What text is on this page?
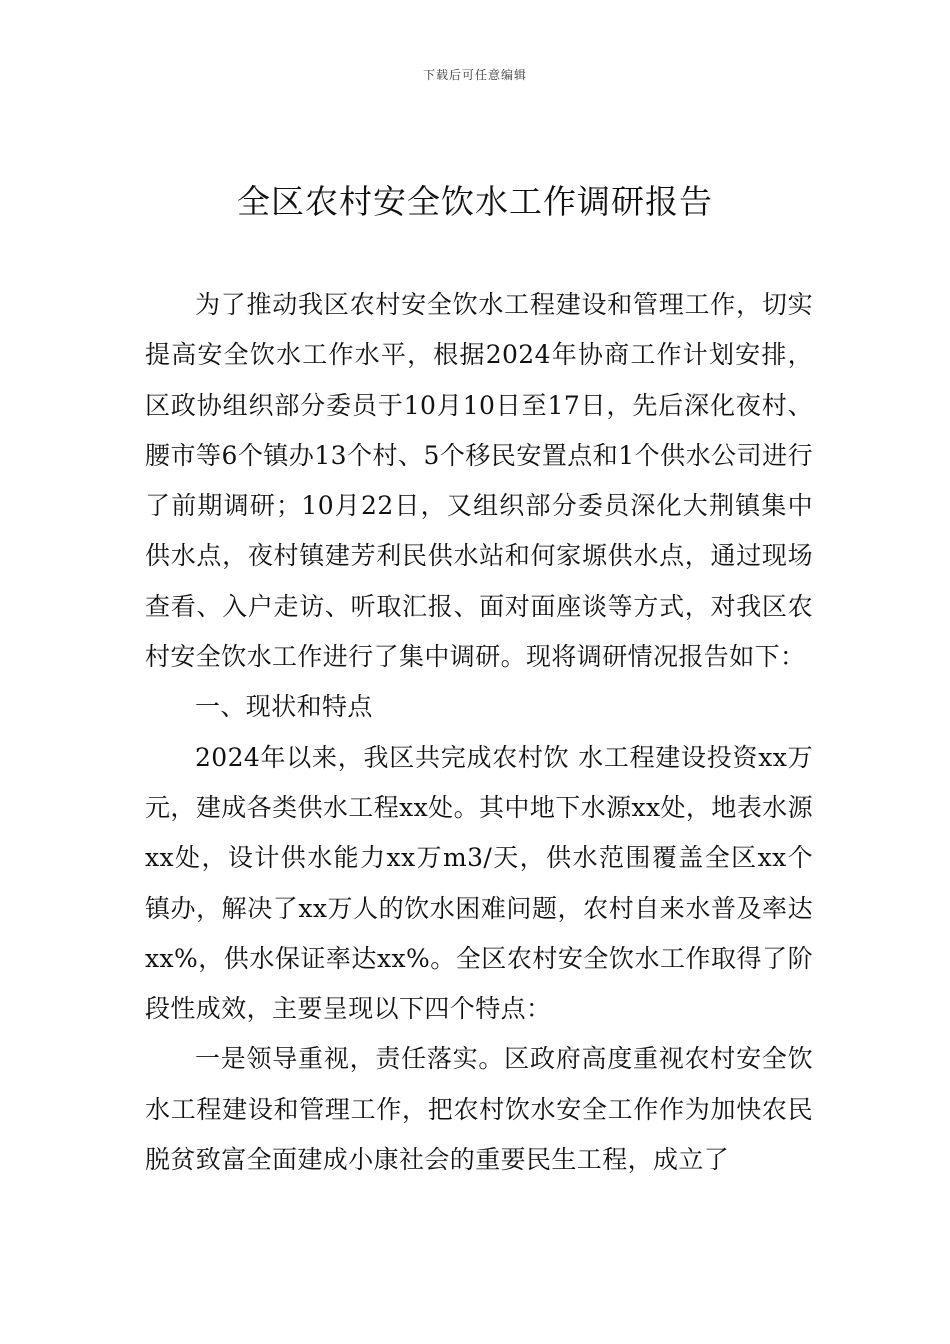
下载后可任意编辑
全区农村安全饮水工作调研报告

为了推动我区农村安全饮水工程建设和管理工作，切实提高安全饮水工作水平，根据2024年协商工作计划安排，区政协组织部分委员于10月10日至17日，先后深化夜村、腰市等6个镇办13个村、5个移民安置点和1个供水公司进行了前期调研；10月22日，又组织部分委员深化大荆镇集中供水点，夜村镇建芳利民供水站和何家塬供水点，通过现场查看、入户走访、听取汇报、面对面座谈等方式，对我区农村安全饮水工作进行了集中调研。现将调研情况报告如下：

一、现状和特点

2024年以来，我区共完成农村饮 水工程建设投资xx万元，建成各类供水工程xx处。其中地下水源xx处，地表水源xx处，设计供水能力xx万m3/天，供水范围覆盖全区xx个镇办，解决了xx万人的饮水困难问题，农村自来水普及率达xx%，供水保证率达xx%。全区农村安全饮水工作取得了阶段性成效，主要呈现以下四个特点：

一是领导重视，责任落实。区政府高度重视农村安全饮水工程建设和管理工作，把农村饮水安全工作作为加快农民脱贫致富全面建成小康社会的重要民生工程，成立了
